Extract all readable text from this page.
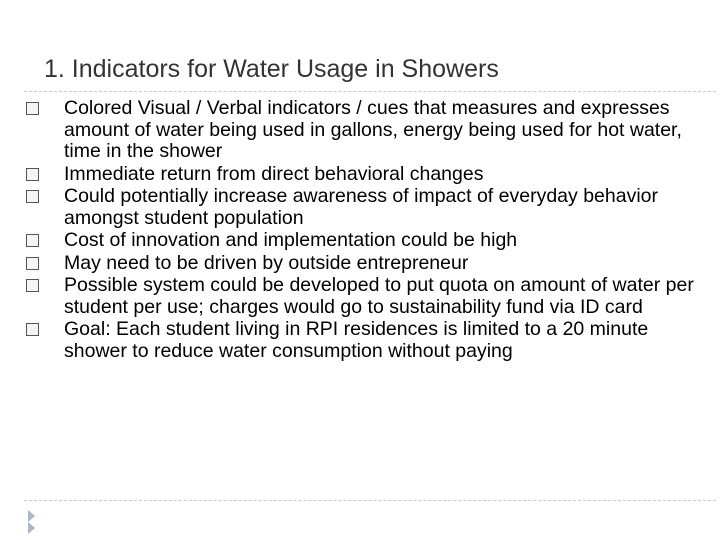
1. Indicators for Water Usage in Showers
Colored Visual / Verbal indicators / cues that measures and expresses amount of water being used in gallons, energy being used for hot water, time in the shower
Immediate return from direct behavioral changes
Could potentially increase awareness of impact of everyday behavior amongst student population
Cost of innovation and implementation could be high
May need to be driven by outside entrepreneur
Possible system could be developed to put quota on amount of water per student per use; charges would go to sustainability fund via ID card
Goal: Each student living in RPI residences is limited to a 20 minute shower to reduce water consumption without paying
